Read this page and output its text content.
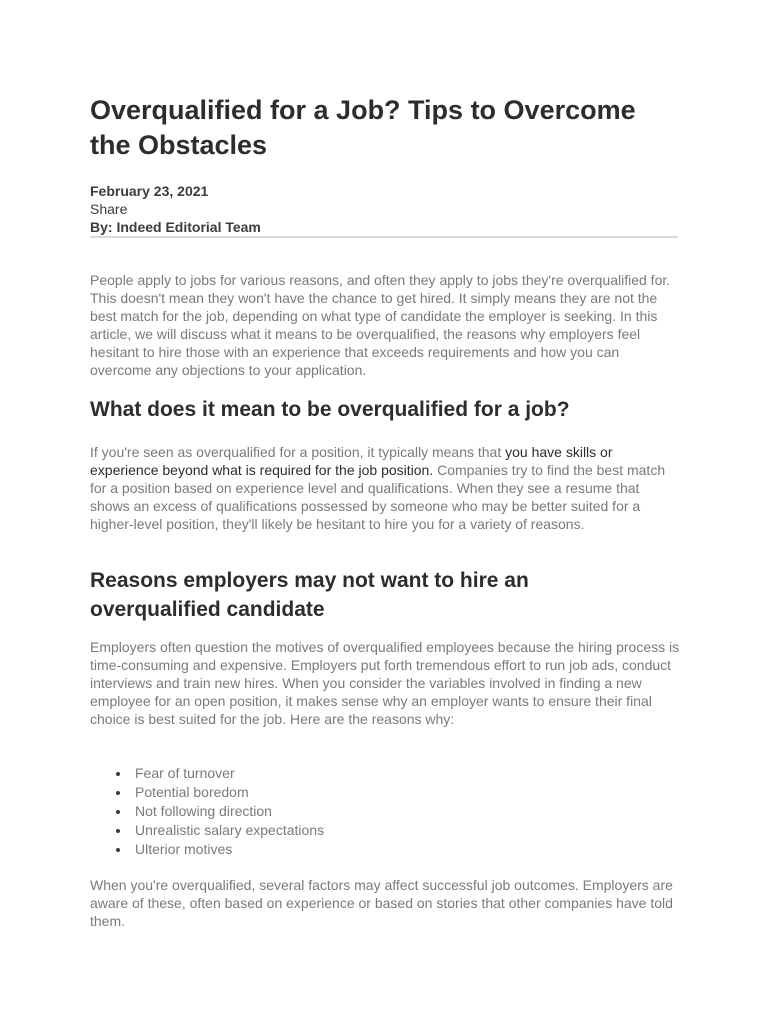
Overqualified for a Job? Tips to Overcome the Obstacles
February 23, 2021
Share
By: Indeed Editorial Team

People apply to jobs for various reasons, and often they apply to jobs they're overqualified for. This doesn't mean they won't have the chance to get hired. It simply means they are not the best match for the job, depending on what type of candidate the employer is seeking. In this article, we will discuss what it means to be overqualified, the reasons why employers feel hesitant to hire those with an experience that exceeds requirements and how you can overcome any objections to your application.

What does it mean to be overqualified for a job?

If you're seen as overqualified for a position, it typically means that you have skills or experience beyond what is required for the job position. Companies try to find the best match for a position based on experience level and qualifications. When they see a resume that shows an excess of qualifications possessed by someone who may be better suited for a higher-level position, they'll likely be hesitant to hire you for a variety of reasons.

Reasons employers may not want to hire an overqualified candidate

Employers often question the motives of overqualified employees because the hiring process is time-consuming and expensive. Employers put forth tremendous effort to run job ads, conduct interviews and train new hires. When you consider the variables involved in finding a new employee for an open position, it makes sense why an employer wants to ensure their final choice is best suited for the job. Here are the reasons why:

Fear of turnover
Potential boredom
Not following direction
Unrealistic salary expectations
Ulterior motives

When you're overqualified, several factors may affect successful job outcomes. Employers are aware of these, often based on experience or based on stories that other companies have told them.
